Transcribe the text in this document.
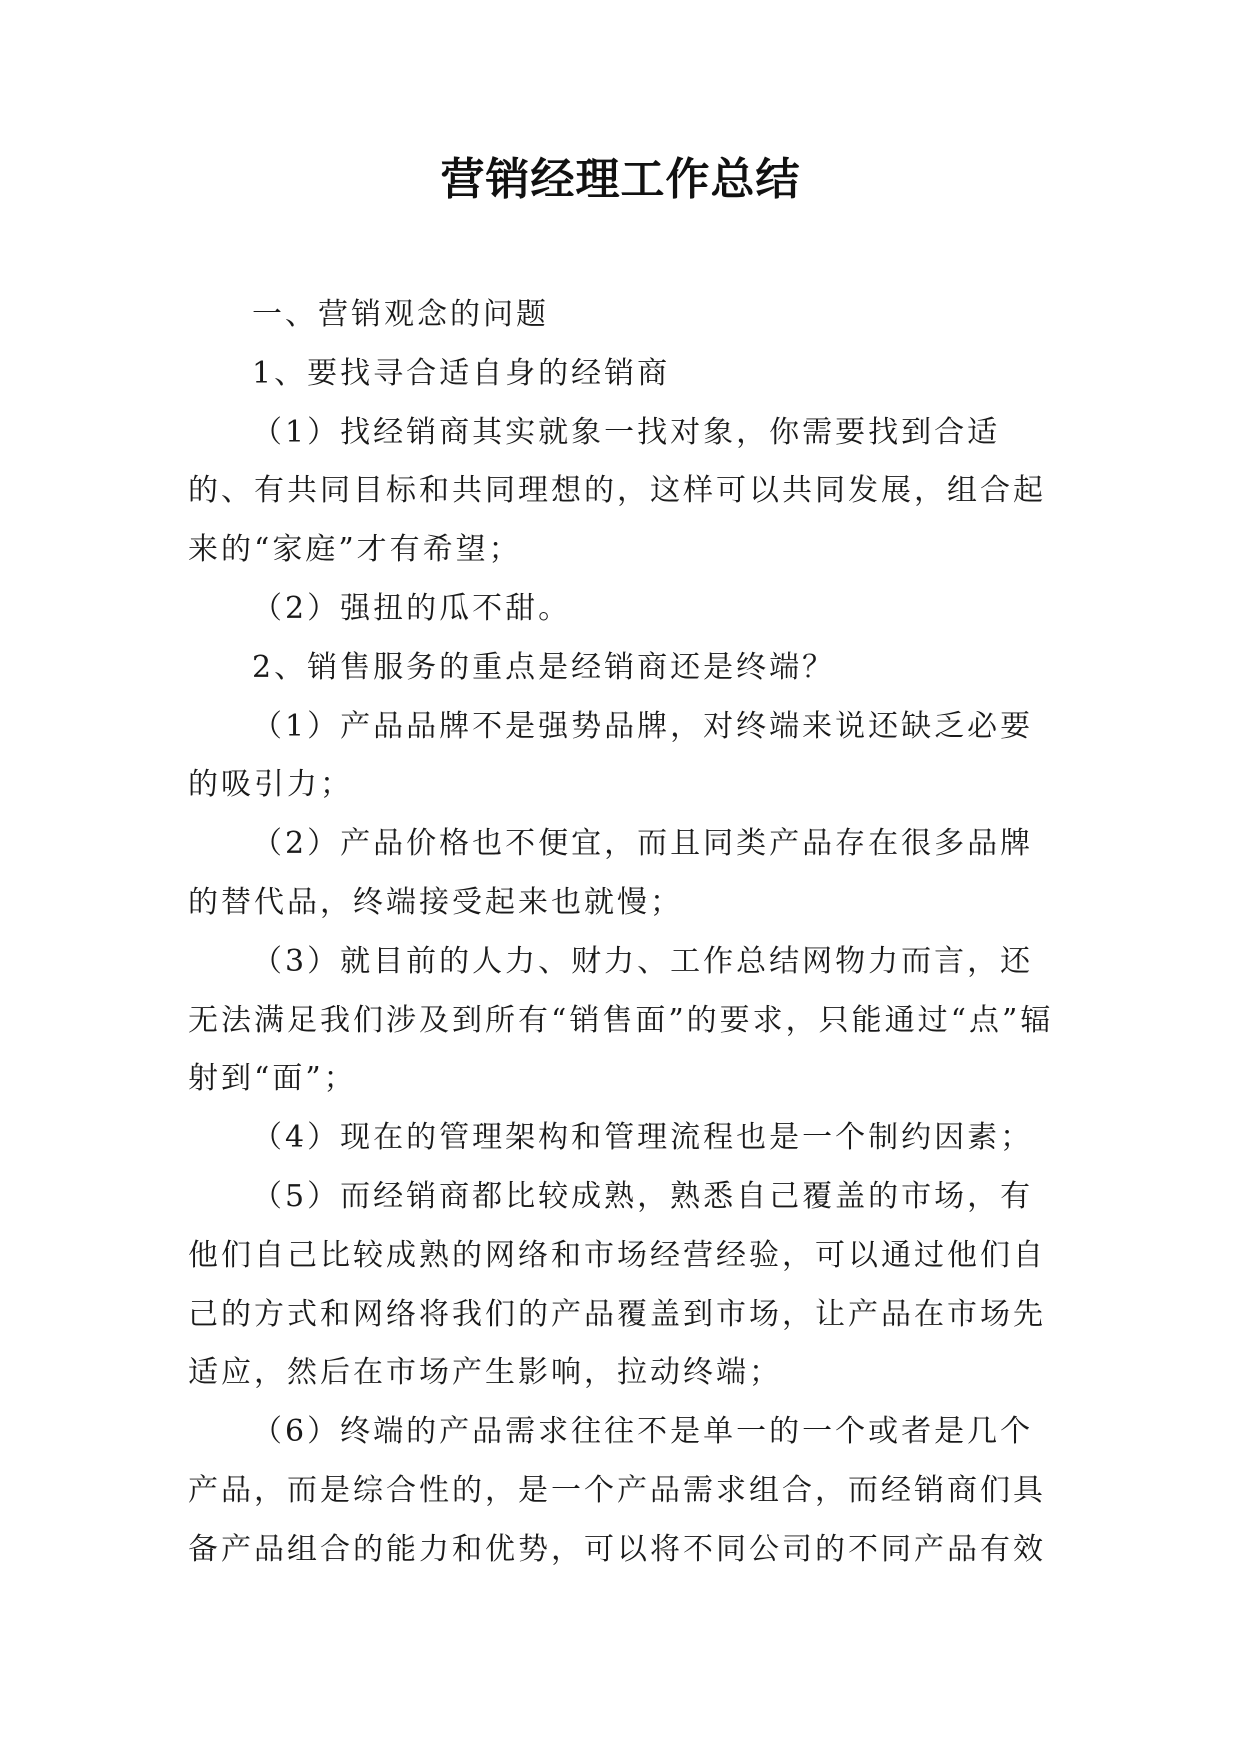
营销经理工作总结

一、营销观念的问题

1、要找寻合适自身的经销商

（1）找经销商其实就象一找对象，你需要找到合适的、有共同目标和共同理想的，这样可以共同发展，组合起来的“家庭”才有希望；

（2）强扭的瓜不甜。

2、销售服务的重点是经销商还是终端？

（1）产品品牌不是强势品牌，对终端来说还缺乏必要的吸引力；

（2）产品价格也不便宜，而且同类产品存在很多品牌的替代品，终端接受起来也就慢；

（3）就目前的人力、财力、工作总结网物力而言，还无法满足我们涉及到所有“销售面”的要求，只能通过“点”辐射到“面”；

（4）现在的管理架构和管理流程也是一个制约因素；

（5）而经销商都比较成熟，熟悉自己覆盖的市场，有他们自己比较成熟的网络和市场经营经验，可以通过他们自己的方式和网络将我们的产品覆盖到市场，让产品在市场先适应，然后在市场产生影响，拉动终端；

（6）终端的产品需求往往不是单一的一个或者是几个产品，而是综合性的，是一个产品需求组合，而经销商们具备产品组合的能力和优势，可以将不同公司的不同产品有效
